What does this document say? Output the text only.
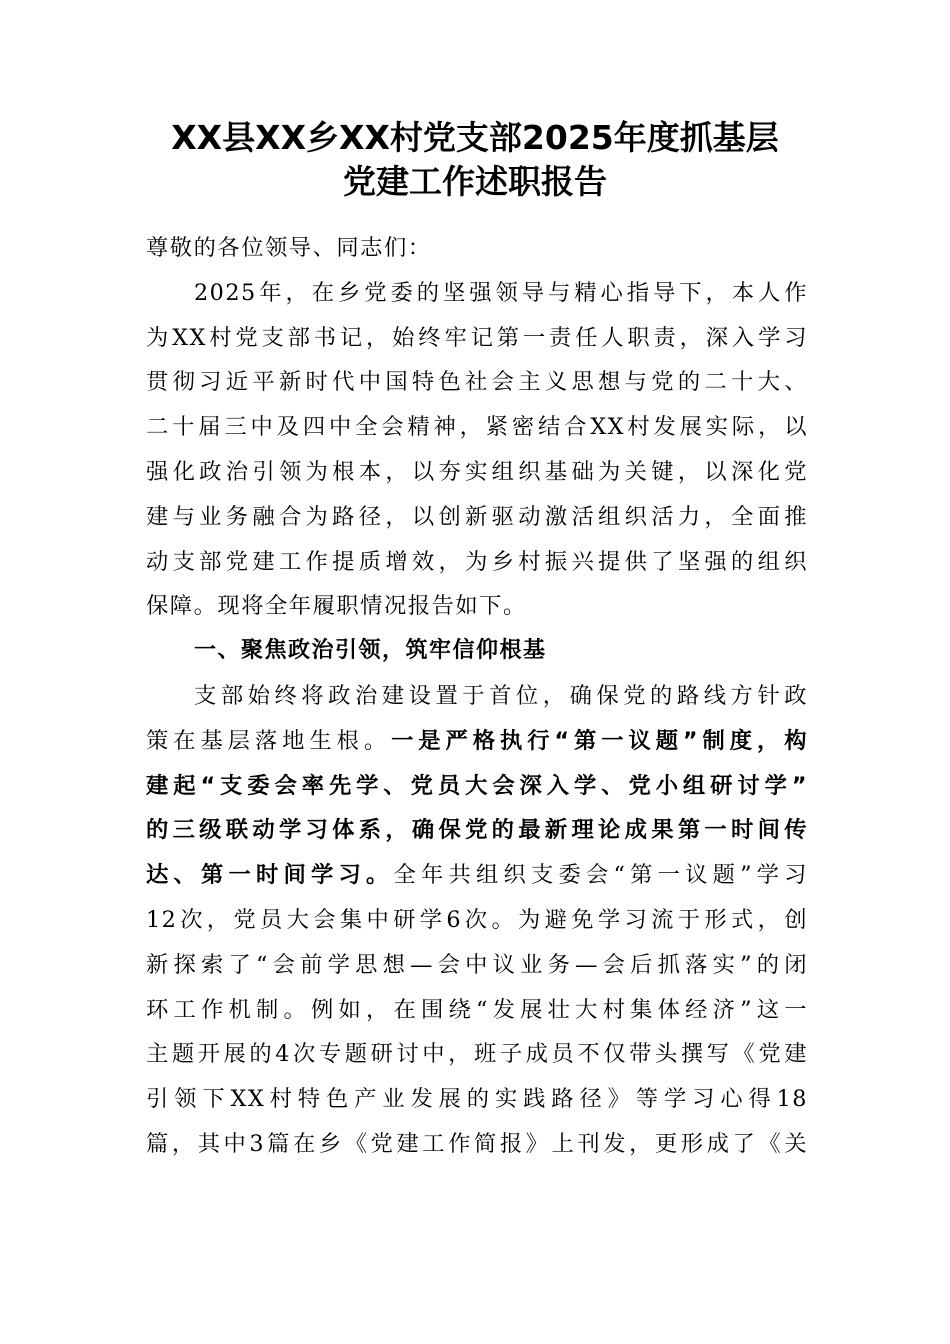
XX县XX乡XX村党支部2025年度抓基层
党建工作述职报告
尊敬的各位领导、同志们：
2025年，在乡党委的坚强领导与精心指导下，本人作
为XX村党支部书记，始终牢记第一责任人职责，深入学习
贯彻习近平新时代中国特色社会主义思想与党的二十大、
二十届三中及四中全会精神，紧密结合XX村发展实际，以
强化政治引领为根本，以夯实组织基础为关键，以深化党
建与业务融合为路径，以创新驱动激活组织活力，全面推
动支部党建工作提质增效，为乡村振兴提供了坚强的组织
保障。现将全年履职情况报告如下。
一、聚焦政治引领，筑牢信仰根基
支部始终将政治建设置于首位，确保党的路线方针政
策在基层落地生根。一是严格执行“第一议题”制度，构
建起“支委会率先学、党员大会深入学、党小组研讨学”
的三级联动学习体系，确保党的最新理论成果第一时间传
达、第一时间学习。全年共组织支委会“第一议题”学习
12次，党员大会集中研学6次。为避免学习流于形式，创
新探索了“会前学思想—会中议业务—会后抓落实”的闭
环工作机制。例如，在围绕“发展壮大村集体经济”这一
主题开展的4次专题研讨中，班子成员不仅带头撰写《党建
引领下XX村特色产业发展的实践路径》等学习心得18
篇，其中3篇在乡《党建工作简报》上刊发，更形成了《关
